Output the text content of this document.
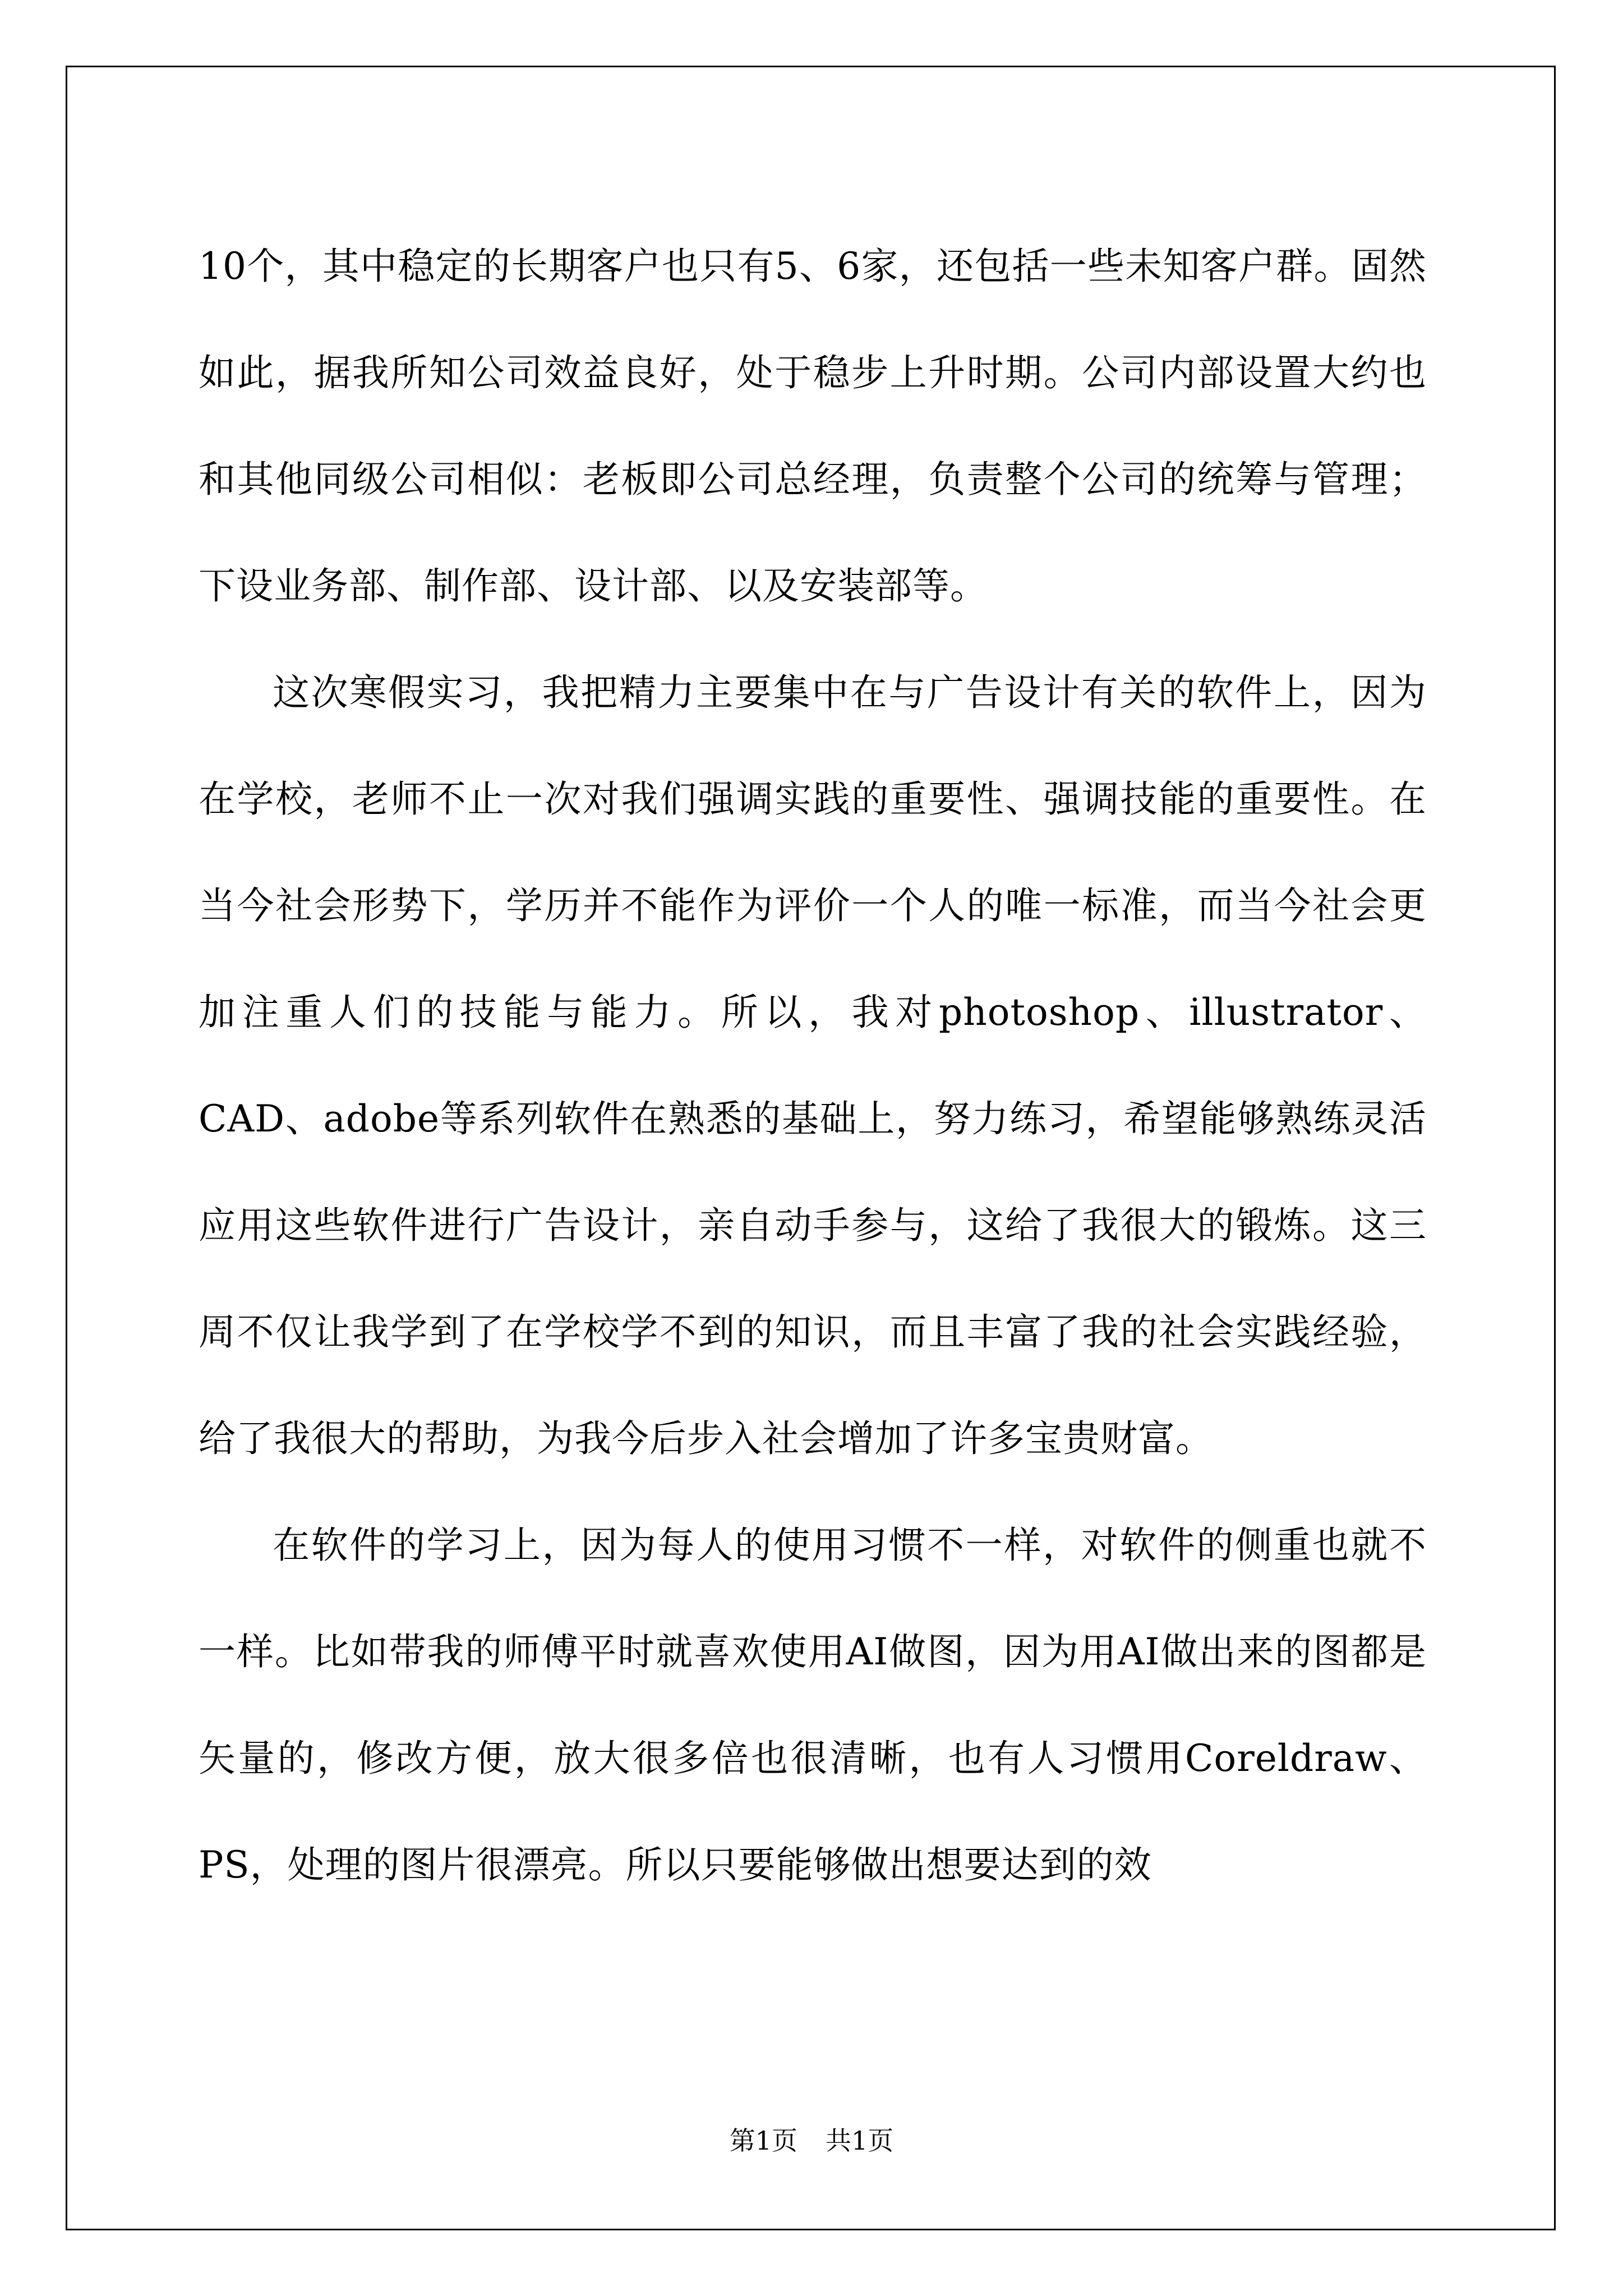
10个，其中稳定的长期客户也只有5、6家，还包括一些未知客户群。固然如此，据我所知公司效益良好，处于稳步上升时期。公司内部设置大约也和其他同级公司相似：老板即公司总经理，负责整个公司的统筹与管理；下设业务部、制作部、设计部、以及安装部等。

这次寒假实习，我把精力主要集中在与广告设计有关的软件上，因为在学校，老师不止一次对我们强调实践的重要性、强调技能的重要性。在当今社会形势下，学历并不能作为评价一个人的唯一标准，而当今社会更加注重人们的技能与能力。所以，我对photoshop、illustrator、CAD、adobe等系列软件在熟悉的基础上，努力练习，希望能够熟练灵活应用这些软件进行广告设计，亲自动手参与，这给了我很大的锻炼。这三周不仅让我学到了在学校学不到的知识，而且丰富了我的社会实践经验，给了我很大的帮助，为我今后步入社会增加了许多宝贵财富。

在软件的学习上，因为每人的使用习惯不一样，对软件的侧重也就不一样。比如带我的师傅平时就喜欢使用AI做图，因为用AI做出来的图都是矢量的，修改方便，放大很多倍也很清晰，也有人习惯用Coreldraw、PS，处理的图片很漂亮。所以只要能够做出想要达到的效

第1页 共1页
